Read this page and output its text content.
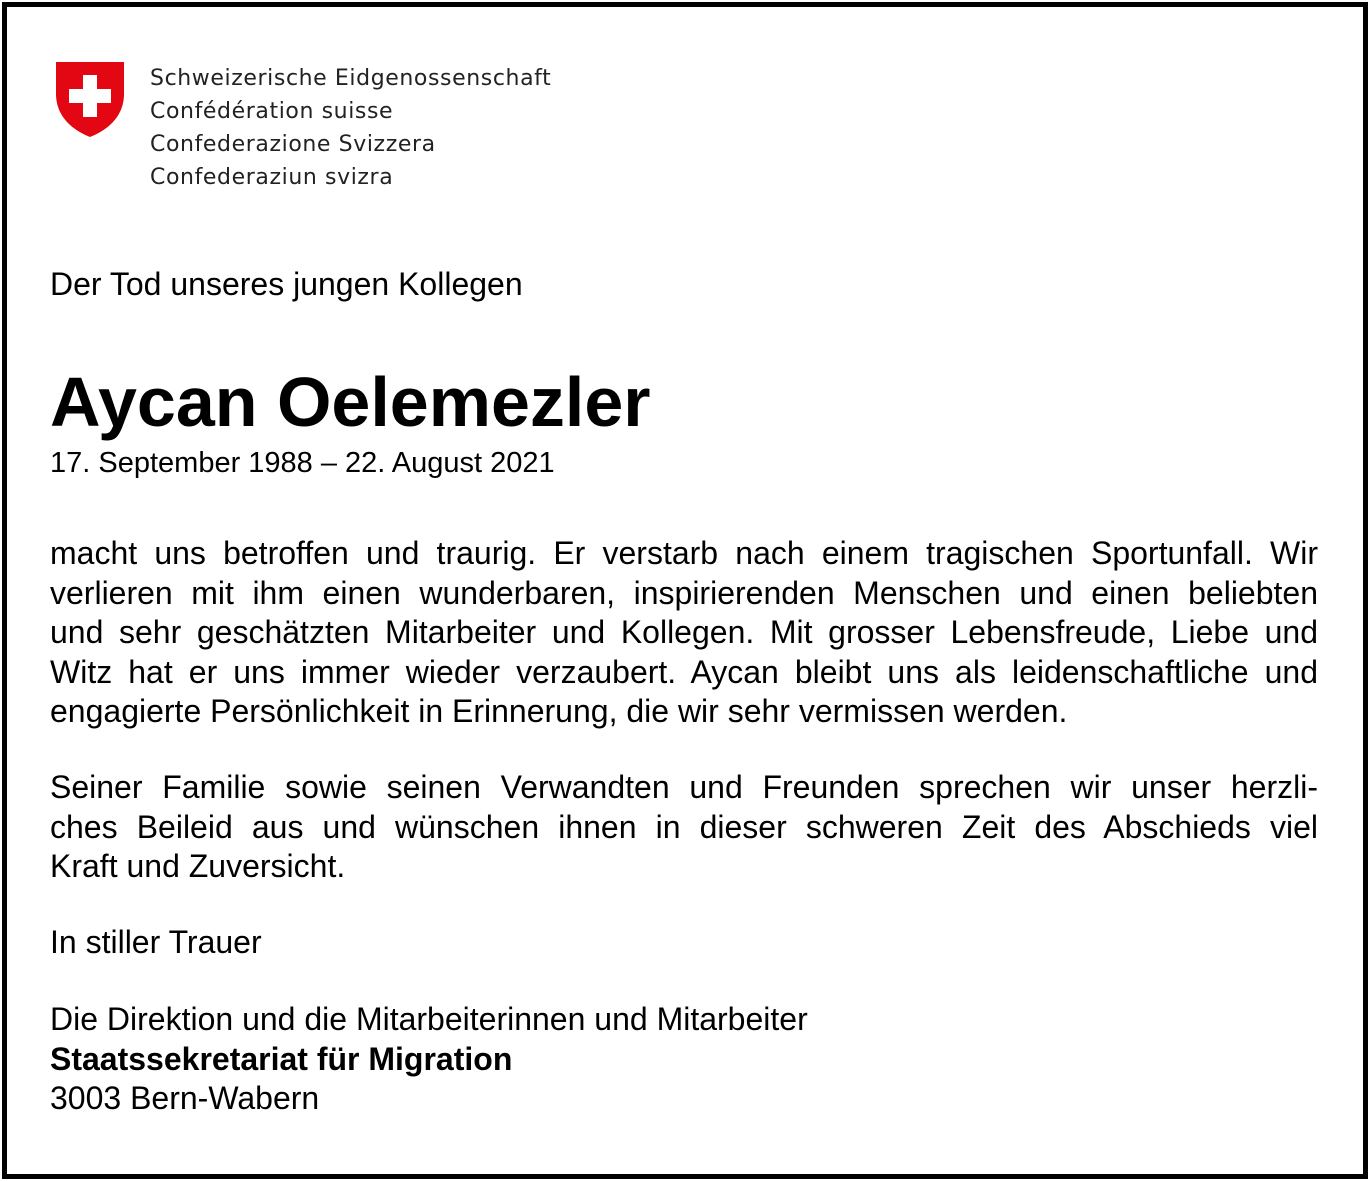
Schweizerische Eidgenossenschaft
Confédération suisse
Confederazione Svizzera
Confederaziun svizra
Der Tod unseres jungen Kollegen
Aycan Oelemezler
17. September 1988 – 22. August 2021
macht uns betroffen und traurig. Er verstarb nach einem tragischen Sportunfall. Wir
verlieren mit ihm einen wunderbaren, inspirierenden Menschen und einen beliebten
und sehr geschätzten Mitarbeiter und Kollegen. Mit grosser Lebensfreude, Liebe und
Witz hat er uns immer wieder verzaubert. Aycan bleibt uns als leidenschaftliche und
engagierte Persönlichkeit in Erinnerung, die wir sehr vermissen werden.
Seiner Familie sowie seinen Verwandten und Freunden sprechen wir unser herzli-
ches Beileid aus und wünschen ihnen in dieser schweren Zeit des Abschieds viel
Kraft und Zuversicht.
In stiller Trauer
Die Direktion und die Mitarbeiterinnen und Mitarbeiter
Staatssekretariat für Migration
3003 Bern-Wabern
